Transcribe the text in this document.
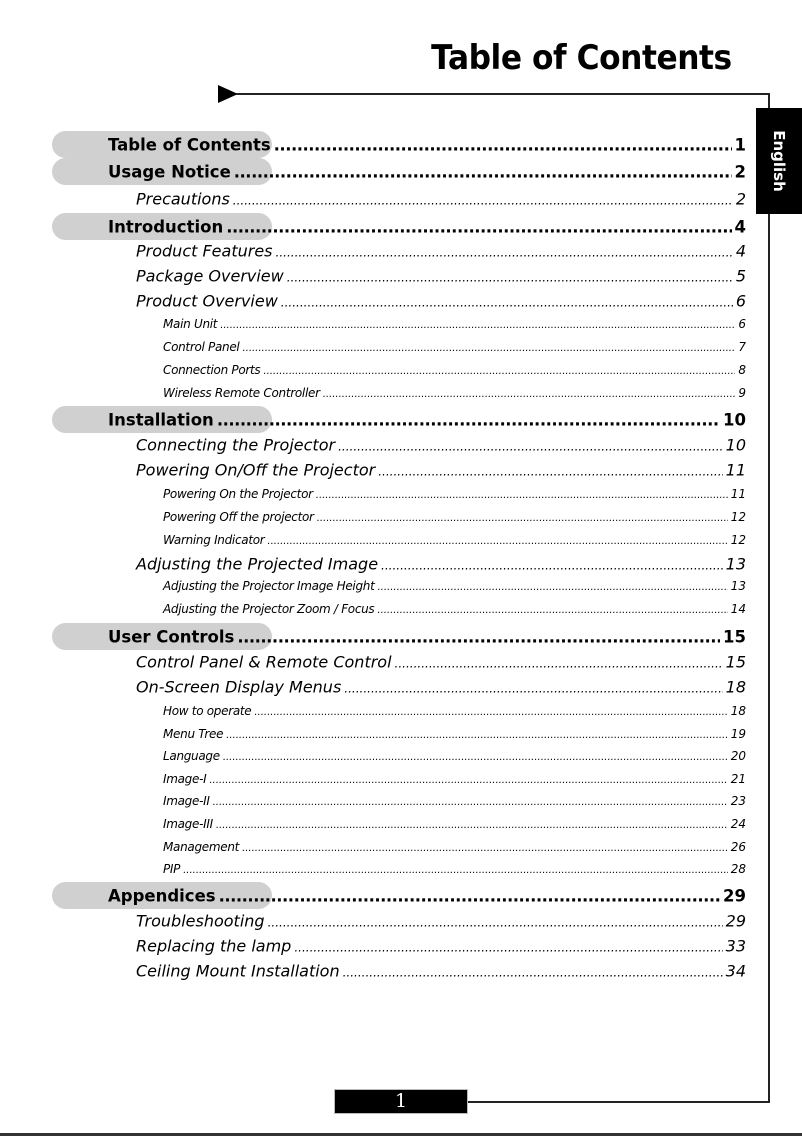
Table of Contents
English
Table of Contents .....	1
Usage Notice .....	2
Precautions .....	2
Introduction .....	4
Product Features .....	4
Package Overview .....	5
Product Overview .....	6
Main Unit .....	6
Control Panel .....	7
Connection Ports .....	8
Wireless Remote Controller .....	9
Installation .....	10
Connecting the Projector .....	10
Powering On/Off the Projector .....	11
Powering On the Projector .....	11
Powering Off the projector .....	12
Warning Indicator .....	12
Adjusting the Projected Image .....	13
Adjusting the Projector Image Height .....	13
Adjusting the Projector Zoom / Focus .....	14
User Controls .....	15
Control Panel & Remote Control .....	15
On-Screen Display Menus .....	18
How to operate .....	18
Menu Tree .....	19
Language .....	20
Image-I .....	21
Image-II .....	23
Image-III .....	24
Management .....	26
PIP .....	28
Appendices .....	29
Troubleshooting .....	29
Replacing the lamp .....	33
Ceiling Mount Installation .....	34
1
